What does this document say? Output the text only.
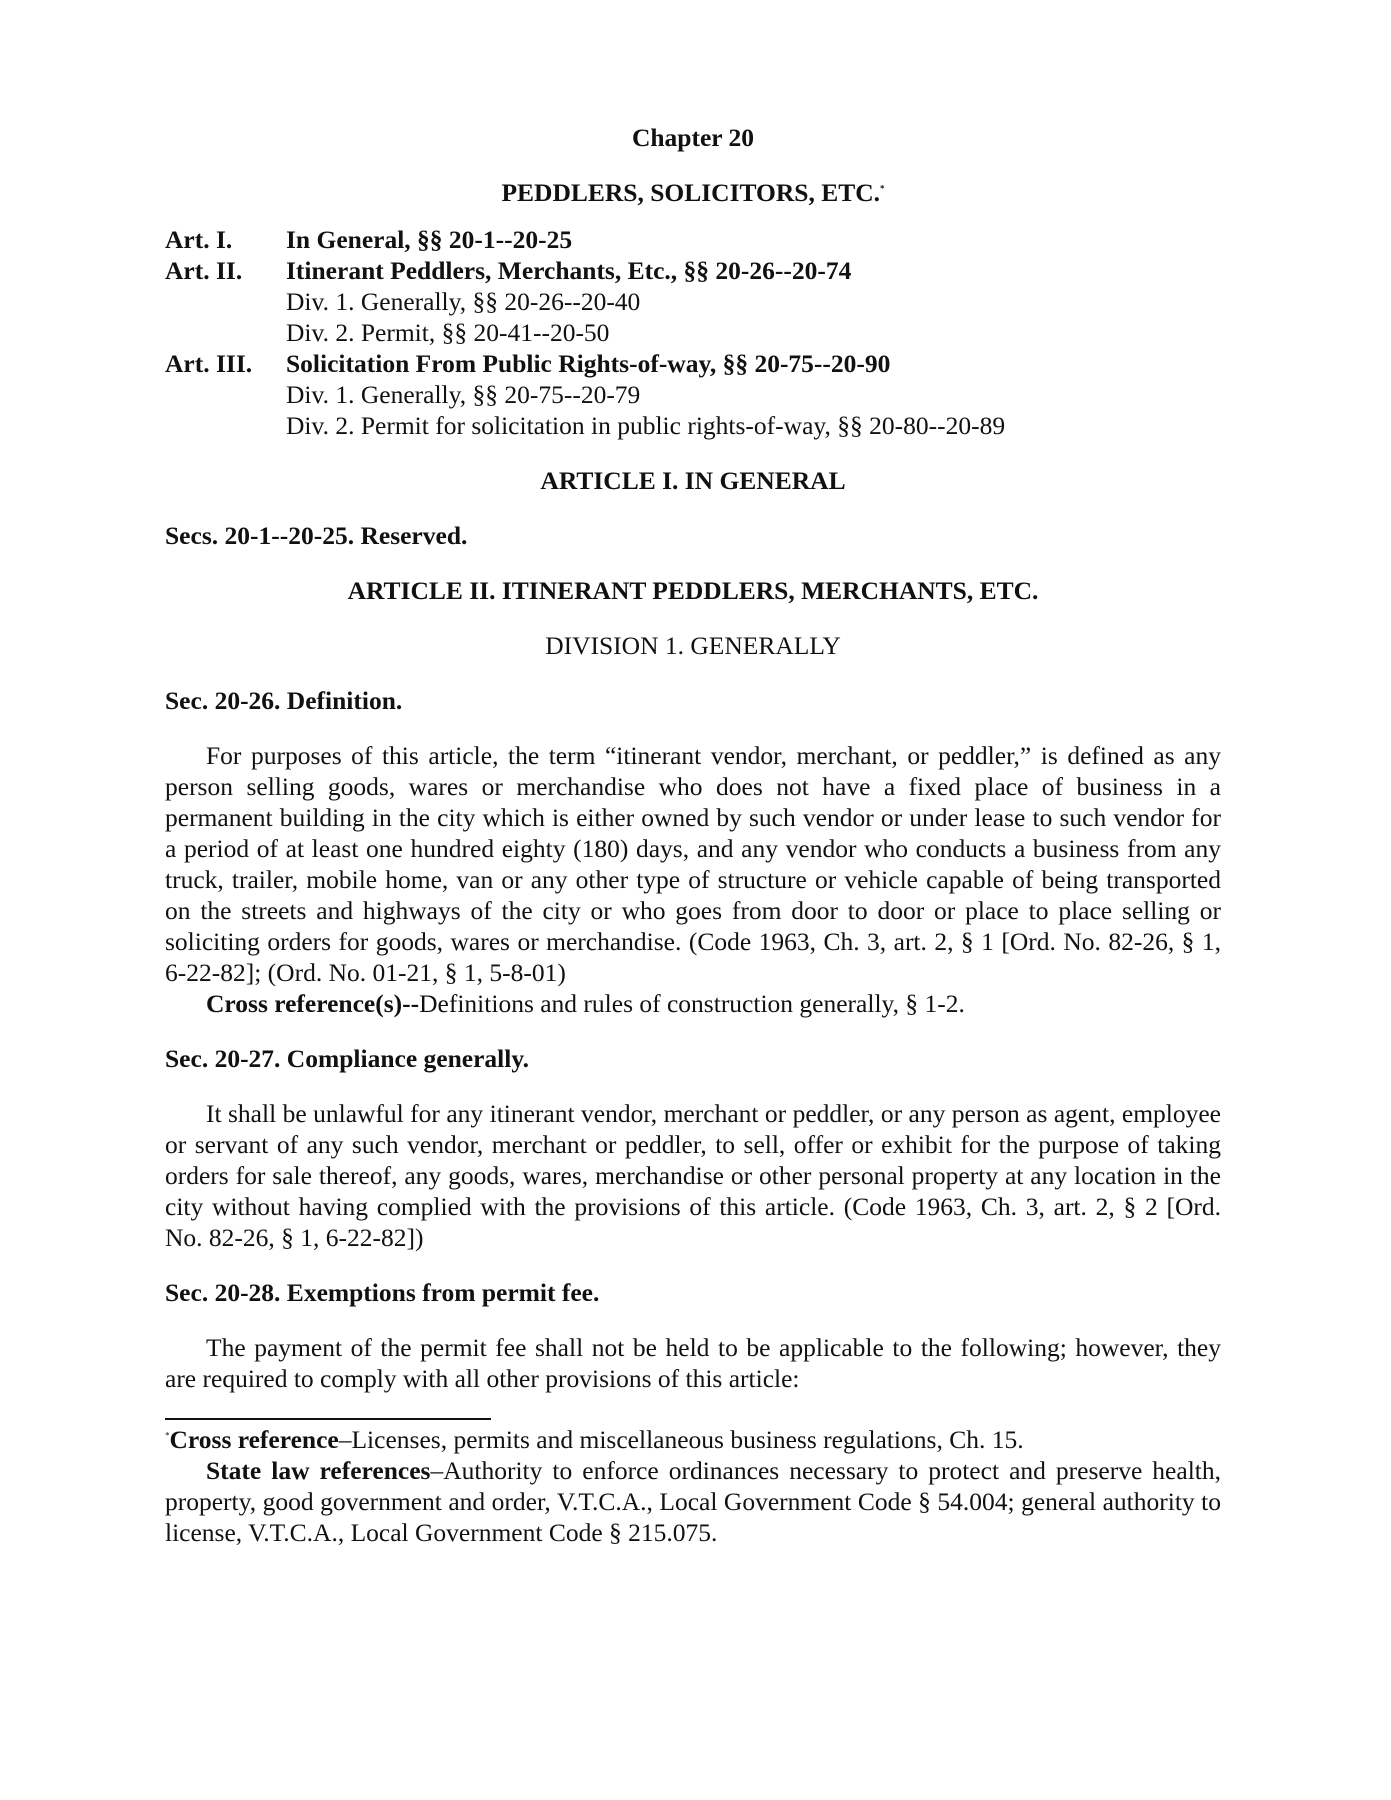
Chapter 20
PEDDLERS, SOLICITORS, ETC.*
Art. I.	In General, §§ 20-1--20-25
Art. II.	Itinerant Peddlers, Merchants, Etc., §§ 20-26--20-74
Div. 1. Generally, §§ 20-26--20-40
Div. 2. Permit, §§ 20-41--20-50
Art. III.	Solicitation From Public Rights-of-way, §§ 20-75--20-90
Div. 1. Generally, §§ 20-75--20-79
Div. 2. Permit for solicitation in public rights-of-way, §§ 20-80--20-89
ARTICLE I. IN GENERAL
Secs. 20-1--20-25. Reserved.
ARTICLE II. ITINERANT PEDDLERS, MERCHANTS, ETC.
DIVISION 1. GENERALLY
Sec. 20-26. Definition.

For purposes of this article, the term “itinerant vendor, merchant, or peddler,” is defined as any person selling goods, wares or merchandise who does not have a fixed place of business in a permanent building in the city which is either owned by such vendor or under lease to such vendor for a period of at least one hundred eighty (180) days, and any vendor who conducts a business from any truck, trailer, mobile home, van or any other type of structure or vehicle capable of being transported on the streets and highways of the city or who goes from door to door or place to place selling or soliciting orders for goods, wares or merchandise. (Code 1963, Ch. 3, art. 2, § 1 [Ord. No. 82-26, § 1, 6-22-82]; (Ord. No. 01-21, § 1, 5-8-01)

Cross reference(s)--Definitions and rules of construction generally, § 1-2.
Sec. 20-27. Compliance generally.

It shall be unlawful for any itinerant vendor, merchant or peddler, or any person as agent, employee or servant of any such vendor, merchant or peddler, to sell, offer or exhibit for the purpose of taking orders for sale thereof, any goods, wares, merchandise or other personal property at any location in the city without having complied with the provisions of this article. (Code 1963, Ch. 3, art. 2, § 2 [Ord. No. 82-26, § 1, 6-22-82])

Sec. 20-28. Exemptions from permit fee.

The payment of the permit fee shall not be held to be applicable to the following; however, they are required to comply with all other provisions of this article:

*Cross reference–Licenses, permits and miscellaneous business regulations, Ch. 15.

State law references–Authority to enforce ordinances necessary to protect and preserve health, property, good government and order, V.T.C.A., Local Government Code § 54.004; general authority to license, V.T.C.A., Local Government Code § 215.075.
